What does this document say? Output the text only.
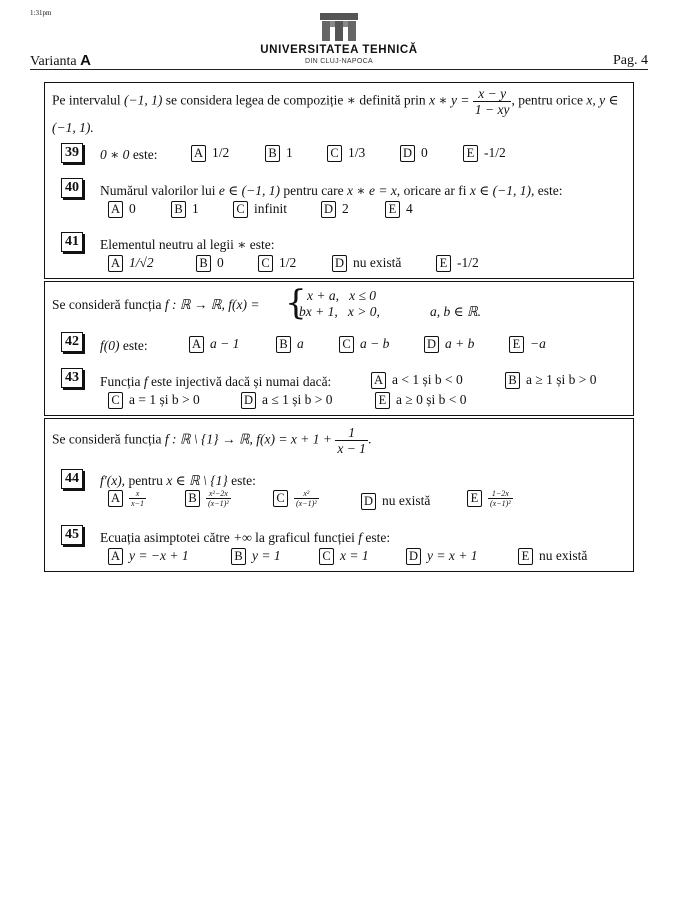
1:31pm
UNIVERSITATEA TEHNICĂ
DIN CLUJ-NAPOCA
Varianta A	Pag. 4
Pe intervalul (−1, 1) se considera legea de compoziție ∗ definită prin x ∗ $y = \frac{x - y}{1 - xy}$ , pentru orice x, y ∈
(−1, 1).
39 0 ∗ 0 este:	A 1/2	B 1	C 1/3	D 0	E -1/2
40 Numărul valorilor lui e ∈ (−1, 1) pentru care x ∗ e = x, oricare ar fi x ∈ (−1, 1), este:
A 0	B 1	C infinit	D 2	E 4
41 Elementul neutru al legii ∗ este:
A 1/√2	B 0	C 1/2	D nu există	E -1/2
Se consideră funcția f : ℝ → ℝ, f(x) = { x + a,   x ≤ 0
bx + 1,   x > 0,	a, b ∈ ℝ.
42 f(0) este:	A a − 1	B a	C a − b	D a + b	E −a
43 Funcția f este injectivă dacă și numai dacă:	A a < 1 și b < 0	B a ≥ 1 și b > 0
C a = 1 și b > 0	D a ≤ 1 și b > 0	E a ≥ 0 și b < 0
Se consideră funcția f : ℝ \ {1} → ℝ, $f(x) = x + 1 + \frac{1}{x - 1}$ .
44 f′(x), pentru x ∈ ℝ \ {1} este:
A $\frac{x}{x-1}$	B $\frac{\text{x²−2x}}{\text{(x−1)²}}$	C $\frac{\text{x²}}{\text{(x−1)²}}$	D nu există	E $\frac{1-2x}{\text{(x−1)²}}$
45 Ecuația asimptotei către +∞ la graficul funcției f este:
A y = −x + 1	B y = 1	C x = 1	D y = x + 1	E nu există
